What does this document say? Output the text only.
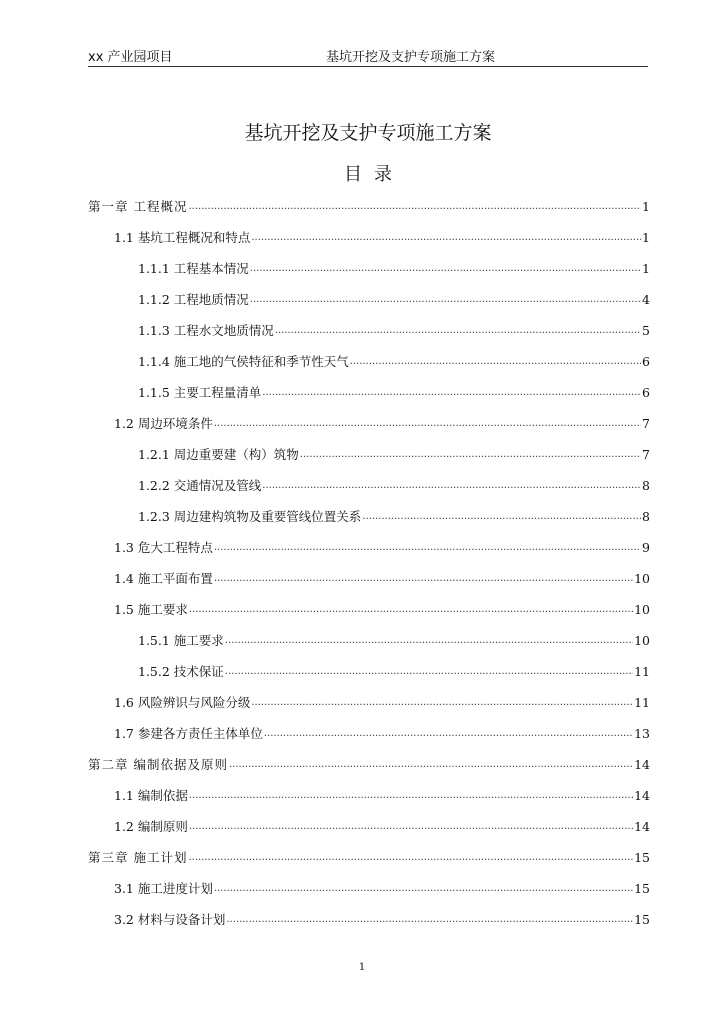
xx 产业园项目	基坑开挖及支护专项施工方案
基坑开挖及支护专项施工方案
目录
第一章 工程概况 .....	1
1.1 基坑工程概况和特点 .....	1
1.1.1 工程基本情况 .....	1
1.1.2 工程地质情况 .....	4
1.1.3 工程水文地质情况 .....	5
1.1.4 施工地的气侯特征和季节性天气 .....	6
1.1.5 主要工程量清单 .....	6
1.2 周边环境条件 .....	7
1.2.1 周边重要建（构）筑物 .....	7
1.2.2 交通情况及管线 .....	8
1.2.3 周边建构筑物及重要管线位置关系 .....	8
1.3 危大工程特点 .....	9
1.4 施工平面布置 .....	10
1.5 施工要求 .....	10
1.5.1 施工要求 .....	10
1.5.2 技术保证 .....	11
1.6 风险辨识与风险分级 .....	11
1.7 参建各方责任主体单位 .....	13
第二章 编制依据及原则 .....	14
1.1 编制依据 .....	14
1.2 编制原则 .....	14
第三章 施工计划 .....	15
3.1 施工进度计划 .....	15
3.2 材料与设备计划 .....	15
1
